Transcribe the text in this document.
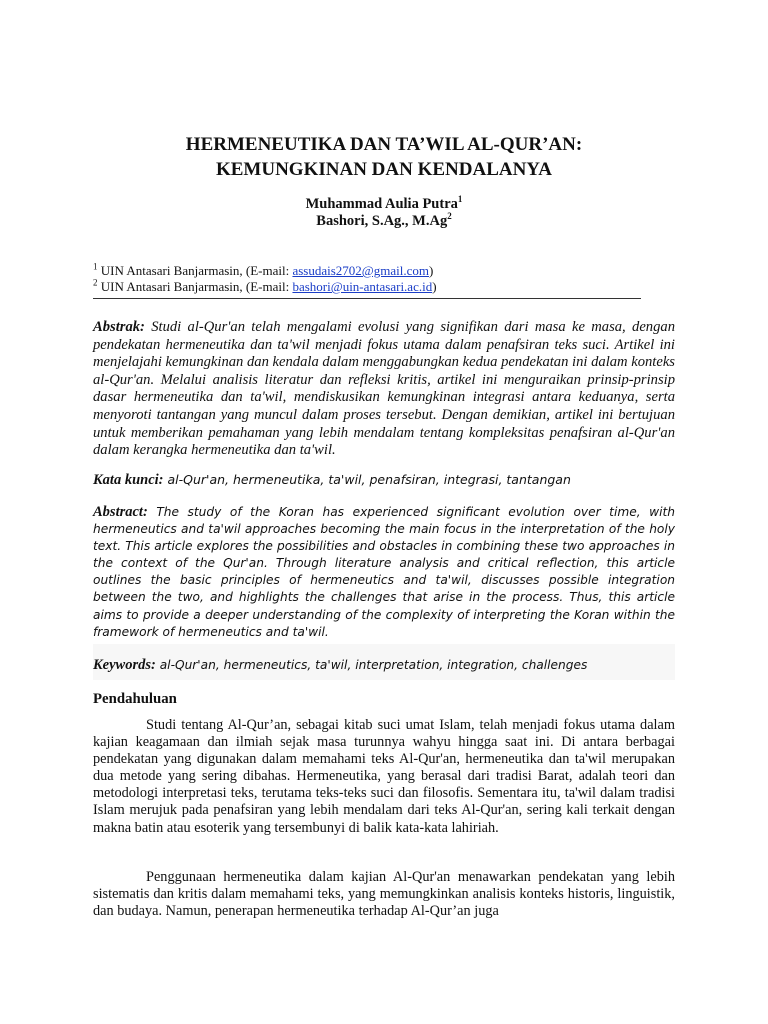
HERMENEUTIKA DAN TA’WIL AL-QUR’AN:
KEMUNGKINAN DAN KENDALANYA
Muhammad Aulia Putra$^1$
Bashori, S.Ag., M.Ag$^2$
$^1$ UIN Antasari Banjarmasin, (E-mail: assudais2702@gmail.com)
$^2$ UIN Antasari Banjarmasin, (E-mail: bashori@uin-antasari.ac.id)

Abstrak: Studi al-Qur'an telah mengalami evolusi yang signifikan dari masa ke masa, dengan pendekatan hermeneutika dan ta'wil menjadi fokus utama dalam penafsiran teks suci. Artikel ini menjelajahi kemungkinan dan kendala dalam menggabungkan kedua pendekatan ini dalam konteks al-Qur'an. Melalui analisis literatur dan refleksi kritis, artikel ini menguraikan prinsip-prinsip dasar hermeneutika dan ta'wil, mendiskusikan kemungkinan integrasi antara keduanya, serta menyoroti tantangan yang muncul dalam proses tersebut. Dengan demikian, artikel ini bertujuan untuk memberikan pemahaman yang lebih mendalam tentang kompleksitas penafsiran al-Qur'an dalam kerangka hermeneutika dan ta'wil.

Kata kunci: al-Qur'an, hermeneutika, ta'wil, penafsiran, integrasi, tantangan

Abstract: The study of the Koran has experienced significant evolution over time, with hermeneutics and ta'wil approaches becoming the main focus in the interpretation of the holy text. This article explores the possibilities and obstacles in combining these two approaches in the context of the Qur'an. Through literature analysis and critical reflection, this article outlines the basic principles of hermeneutics and ta'wil, discusses possible integration between the two, and highlights the challenges that arise in the process. Thus, this article aims to provide a deeper understanding of the complexity of interpreting the Koran within the framework of hermeneutics and ta'wil.

Keywords: al-Qur'an, hermeneutics, ta'wil, interpretation, integration, challenges
Pendahuluan

Studi tentang Al-Qur’an, sebagai kitab suci umat Islam, telah menjadi fokus utama dalam kajian keagamaan dan ilmiah sejak masa turunnya wahyu hingga saat ini. Di antara berbagai pendekatan yang digunakan dalam memahami teks Al-Qur'an, hermeneutika dan ta'wil merupakan dua metode yang sering dibahas. Hermeneutika, yang berasal dari tradisi Barat, adalah teori dan metodologi interpretasi teks, terutama teks-teks suci dan filosofis. Sementara itu, ta'wil dalam tradisi Islam merujuk pada penafsiran yang lebih mendalam dari teks Al-Qur'an, sering kali terkait dengan makna batin atau esoterik yang tersembunyi di balik kata-kata lahiriah.

Penggunaan hermeneutika dalam kajian Al-Qur'an menawarkan pendekatan yang lebih sistematis dan kritis dalam memahami teks, yang memungkinkan analisis konteks historis, linguistik, dan budaya. Namun, penerapan hermeneutika terhadap Al-Qur’an juga
